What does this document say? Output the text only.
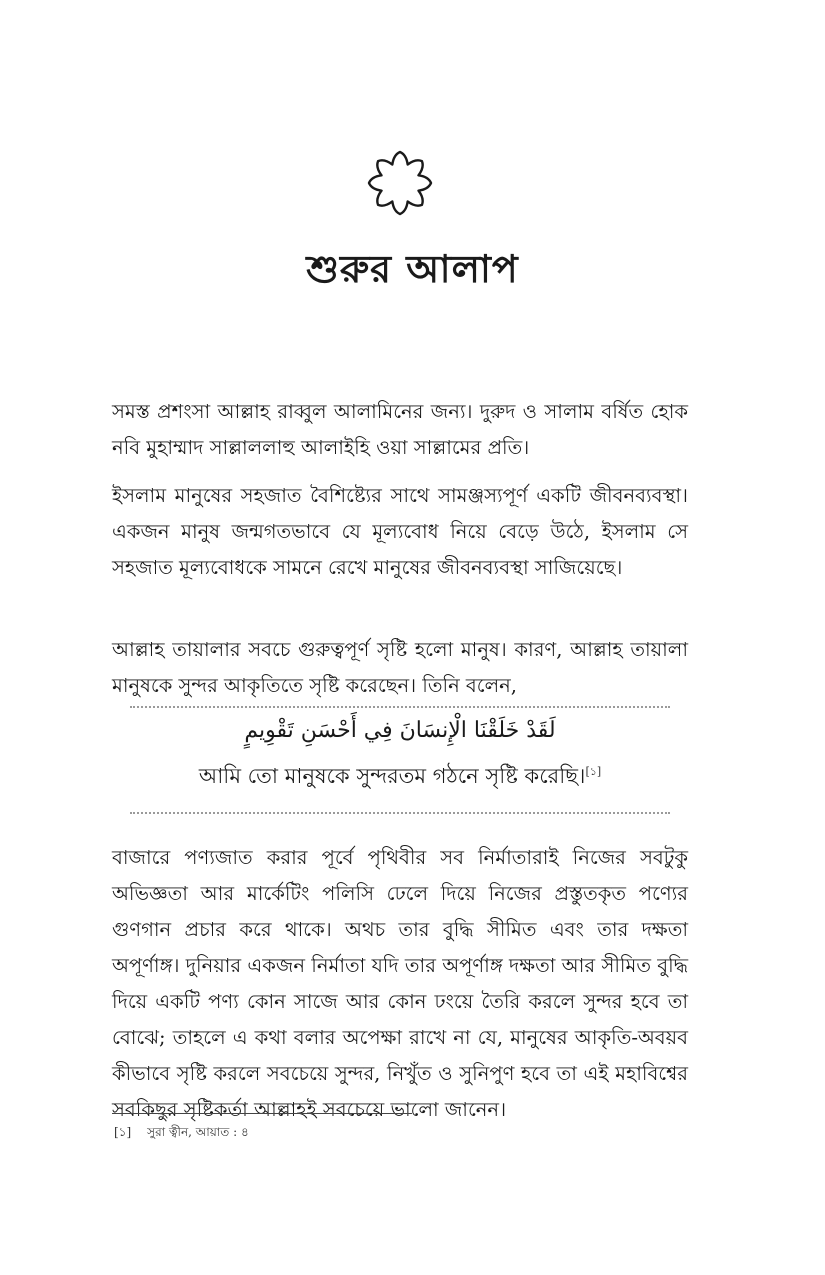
শুরুর আলাপ

সমস্ত প্রশংসা আল্লাহ রাব্বুল আলামিনের জন্য। দুরুদ ও সালাম বর্ষিত হোক নবি মুহাম্মাদ সাল্লাললাহু আলাইহি ওয়া সাল্লামের প্রতি।

ইসলাম মানুষের সহজাত বৈশিষ্ট্যের সাথে সামঞ্জস্যপূর্ণ একটি জীবনব্যবস্থা। একজন মানুষ জন্মগতভাবে যে মূল্যবোধ নিয়ে বেড়ে উঠে, ইসলাম সে সহজাত মূল্যবোধকে সামনে রেখে মানুষের জীবনব্যবস্থা সাজিয়েছে।

আল্লাহ তায়ালার সবচে গুরুত্বপূর্ণ সৃষ্টি হলো মানুষ। কারণ, আল্লাহ তায়ালা মানুষকে সুন্দর আকৃতিতে সৃষ্টি করেছেন। তিনি বলেন,

لَقَدْ خَلَقْنَا الْإِنسَانَ فِي أَحْسَنِ تَقْوِيمٍ

আমি তো মানুষকে সুন্দরতম গঠনে সৃষ্টি করেছি।[১]

বাজারে পণ্যজাত করার পূর্বে পৃথিবীর সব নির্মাতারাই নিজের সবটুকু অভিজ্ঞতা আর মার্কেটিং পলিসি ঢেলে দিয়ে নিজের প্রস্তুতকৃত পণ্যের গুণগান প্রচার করে থাকে। অথচ তার বুদ্ধি সীমিত এবং তার দক্ষতা অপূর্ণাঙ্গ। দুনিয়ার একজন নির্মাতা যদি তার অপূর্ণাঙ্গ দক্ষতা আর সীমিত বুদ্ধি দিয়ে একটি পণ্য কোন সাজে আর কোন ঢংয়ে তৈরি করলে সুন্দর হবে তা বোঝে; তাহলে এ কথা বলার অপেক্ষা রাখে না যে, মানুষের আকৃতি-অবয়ব কীভাবে সৃষ্টি করলে সবচেয়ে সুন্দর, নিখুঁত ও সুনিপুণ হবে তা এই মহাবিশ্বের সবকিছুর সৃষ্টিকর্তা আল্লাহই সবচেয়ে ভালো জানেন।

[১] সুরা ত্বীন, আয়াত : ৪
